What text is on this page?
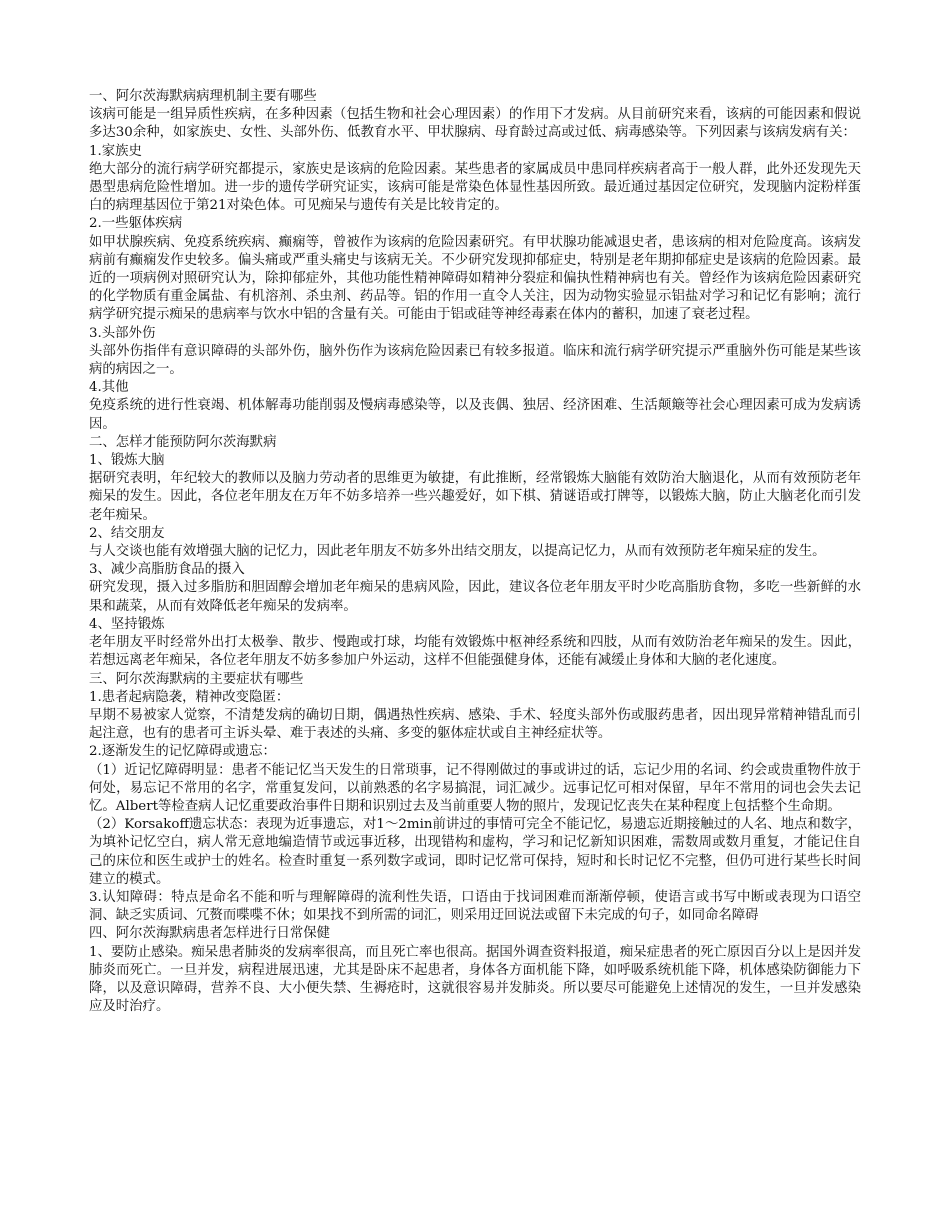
一、阿尔茨海默病病理机制主要有哪些

该病可能是一组异质性疾病，在多种因素（包括生物和社会心理因素）的作用下才发病。从目前研究来看，该病的可能因素和假说多达30余种，如家族史、女性、头部外伤、低教育水平、甲状腺病、母育龄过高或过低、病毒感染等。下列因素与该病发病有关：

1.家族史

绝大部分的流行病学研究都提示，家族史是该病的危险因素。某些患者的家属成员中患同样疾病者高于一般人群，此外还发现先天愚型患病危险性增加。进一步的遗传学研究证实，该病可能是常染色体显性基因所致。最近通过基因定位研究，发现脑内淀粉样蛋白的病理基因位于第21对染色体。可见痴呆与遗传有关是比较肯定的。

2.一些躯体疾病

如甲状腺疾病、免疫系统疾病、癫痫等，曾被作为该病的危险因素研究。有甲状腺功能减退史者，患该病的相对危险度高。该病发病前有癫痫发作史较多。偏头痛或严重头痛史与该病无关。不少研究发现抑郁症史，特别是老年期抑郁症史是该病的危险因素。最近的一项病例对照研究认为，除抑郁症外，其他功能性精神障碍如精神分裂症和偏执性精神病也有关。曾经作为该病危险因素研究的化学物质有重金属盐、有机溶剂、杀虫剂、药品等。铝的作用一直令人关注，因为动物实验显示铝盐对学习和记忆有影响；流行病学研究提示痴呆的患病率与饮水中铝的含量有关。可能由于铝或硅等神经毒素在体内的蓄积，加速了衰老过程。

3.头部外伤

头部外伤指伴有意识障碍的头部外伤，脑外伤作为该病危险因素已有较多报道。临床和流行病学研究提示严重脑外伤可能是某些该病的病因之一。

4.其他

免疫系统的进行性衰竭、机体解毒功能削弱及慢病毒感染等，以及丧偶、独居、经济困难、生活颠簸等社会心理因素可成为发病诱因。

二、怎样才能预防阿尔茨海默病

1、锻炼大脑

据研究表明，年纪较大的教师以及脑力劳动者的思维更为敏捷，有此推断，经常锻炼大脑能有效防治大脑退化，从而有效预防老年痴呆的发生。因此，各位老年朋友在万年不妨多培养一些兴趣爱好，如下棋、猜谜语或打牌等，以锻炼大脑，防止大脑老化而引发老年痴呆。

2、结交朋友

与人交谈也能有效增强大脑的记忆力，因此老年朋友不妨多外出结交朋友，以提高记忆力，从而有效预防老年痴呆症的发生。

3、减少高脂肪食品的摄入

研究发现，摄入过多脂肪和胆固醇会增加老年痴呆的患病风险，因此，建议各位老年朋友平时少吃高脂肪食物，多吃一些新鲜的水果和蔬菜，从而有效降低老年痴呆的发病率。

4、坚持锻炼

老年朋友平时经常外出打太极拳、散步、慢跑或打球，均能有效锻炼中枢神经系统和四肢，从而有效防治老年痴呆的发生。因此，若想远离老年痴呆，各位老年朋友不妨多参加户外运动，这样不但能强健身体，还能有减缓止身体和大脑的老化速度。

三、阿尔茨海默病的主要症状有哪些

1.患者起病隐袭，精神改变隐匿：

早期不易被家人觉察，不清楚发病的确切日期，偶遇热性疾病、感染、手术、轻度头部外伤或服药患者，因出现异常精神错乱而引起注意，也有的患者可主诉头晕、难于表述的头痛、多变的躯体症状或自主神经症状等。

2.逐渐发生的记忆障碍或遗忘：

（1）近记忆障碍明显：患者不能记忆当天发生的日常琐事，记不得刚做过的事或讲过的话，忘记少用的名词、约会或贵重物件放于何处，易忘记不常用的名字，常重复发问，以前熟悉的名字易搞混，词汇减少。远事记忆可相对保留，早年不常用的词也会失去记忆。Albert等检查病人记忆重要政治事件日期和识别过去及当前重要人物的照片，发现记忆丧失在某种程度上包括整个生命期。

（2）Korsakoff遗忘状态：表现为近事遗忘，对1～2min前讲过的事情可完全不能记忆，易遗忘近期接触过的人名、地点和数字，为填补记忆空白，病人常无意地编造情节或远事近移，出现错构和虚构，学习和记忆新知识困难，需数周或数月重复，才能记住自己的床位和医生或护士的姓名。检查时重复一系列数字或词，即时记忆常可保持，短时和长时记忆不完整，但仍可进行某些长时间建立的模式。

3.认知障碍：特点是命名不能和听与理解障碍的流利性失语，口语由于找词困难而渐渐停顿，使语言或书写中断或表现为口语空洞、缺乏实质词、冗赘而喋喋不休；如果找不到所需的词汇，则采用迂回说法或留下未完成的句子，如同命名障碍

四、阿尔茨海默病患者怎样进行日常保健

1、要防止感染。痴呆患者肺炎的发病率很高，而且死亡率也很高。据国外调查资料报道，痴呆症患者的死亡原因百分以上是因并发肺炎而死亡。一旦并发，病程进展迅速，尤其是卧床不起患者，身体各方面机能下降，如呼吸系统机能下降，机体感染防御能力下降，以及意识障碍，营养不良、大小便失禁、生褥疮时，这就很容易并发肺炎。所以要尽可能避免上述情况的发生，一旦并发感染应及时治疗。
